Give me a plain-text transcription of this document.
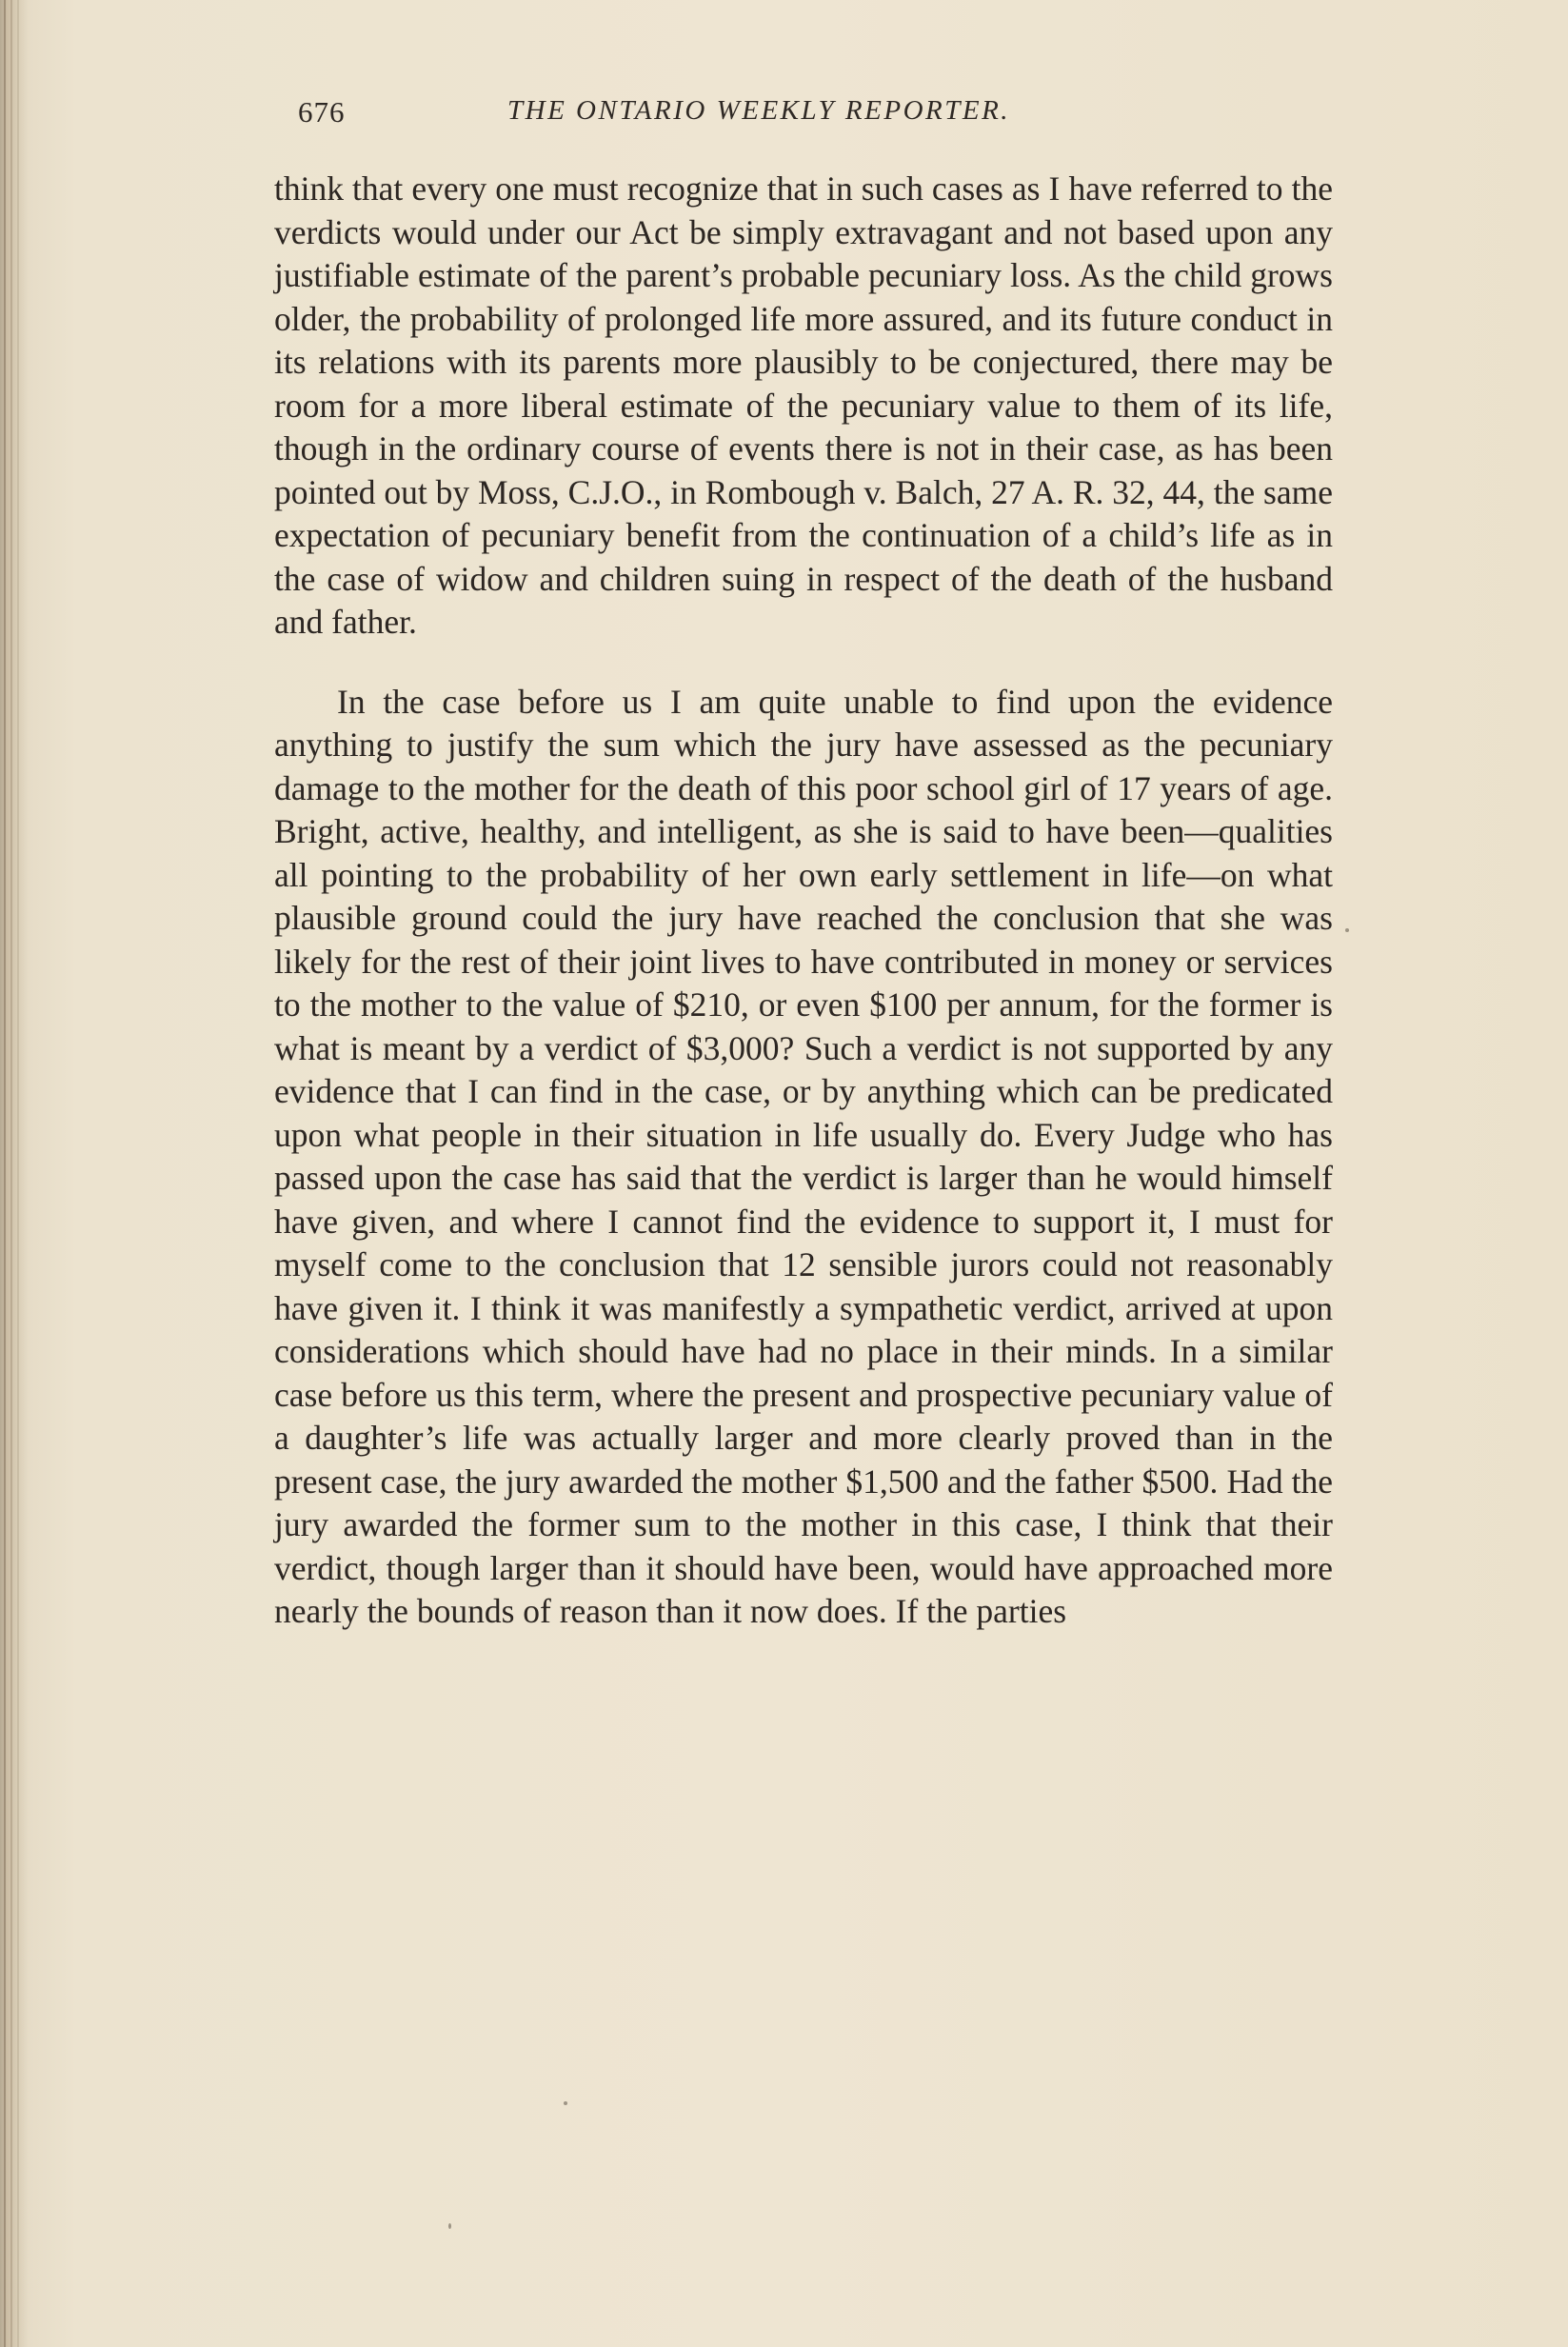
676	THE ONTARIO WEEKLY REPORTER.

think that every one must recognize that in such cases as I have referred to the verdicts would under our Act be simply extravagant and not based upon any justifiable estimate of the parent’s probable pecuniary loss. As the child grows older, the probability of prolonged life more assured, and its future conduct in its relations with its parents more plausibly to be conjectured, there may be room for a more liberal estimate of the pecuniary value to them of its life, though in the ordinary course of events there is not in their case, as has been pointed out by Moss, C.J.O., in Rombough v. Balch, 27 A. R. 32, 44, the same expectation of pecuniary benefit from the continuation of a child’s life as in the case of widow and children suing in respect of the death of the husband and father.

In the case before us I am quite unable to find upon the evidence anything to justify the sum which the jury have assessed as the pecuniary damage to the mother for the death of this poor school girl of 17 years of age. Bright, active, healthy, and intelligent, as she is said to have been—qualities all pointing to the probability of her own early settlement in life—on what plausible ground could the jury have reached the conclusion that she was likely for the rest of their joint lives to have contributed in money or services to the mother to the value of $210, or even $100 per annum, for the former is what is meant by a verdict of $3,000? Such a verdict is not supported by any evidence that I can find in the case, or by anything which can be predicated upon what people in their situation in life usually do. Every Judge who has passed upon the case has said that the verdict is larger than he would himself have given, and where I cannot find the evidence to support it, I must for myself come to the conclusion that 12 sensible jurors could not reasonably have given it. I think it was manifestly a sympathetic verdict, arrived at upon considerations which should have had no place in their minds. In a similar case before us this term, where the present and prospective pecuniary value of a daughter’s life was actually larger and more clearly proved than in the present case, the jury awarded the mother $1,500 and the father $500. Had the jury awarded the former sum to the mother in this case, I think that their verdict, though larger than it should have been, would have approached more nearly the bounds of reason than it now does. If the parties
